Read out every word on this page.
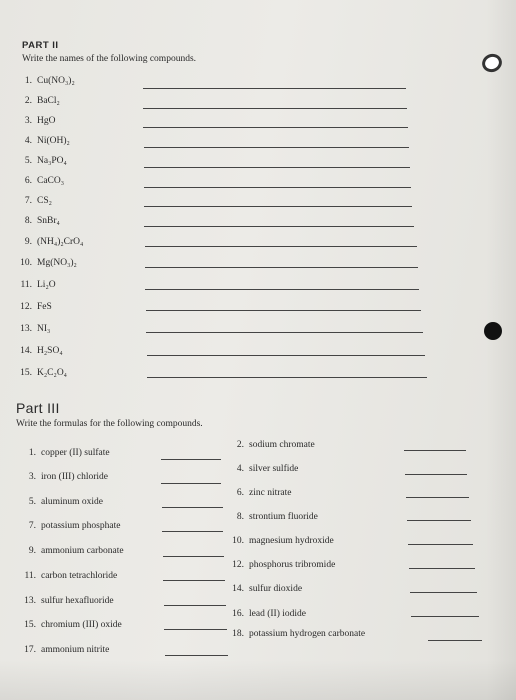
PART II
Write the names of the following compounds.
1. Cu(NO₃)₂
2. BaCl₂
3. HgO
4. Ni(OH)₂
5. Na₃PO₄
6. CaCO₃
7. CS₂
8. SnBr₄
9. (NH₄)₂CrO₄
10. Mg(NO₃)₂
11. Li₂O
12. FeS
13. NI₃
14. H₂SO₄
15. K₂C₂O₄
Part III
Write the formulas for the following compounds.
1. copper (II) sulfate
3. iron (III) chloride
5. aluminum oxide
7. potassium phosphate
9. ammonium carbonate
11. carbon tetrachloride
13. sulfur hexafluoride
15. chromium (III) oxide
17. ammonium nitrite
2. sodium chromate
4. silver sulfide
6. zinc nitrate
8. strontium fluoride
10. magnesium hydroxide
12. phosphorus tribromide
14. sulfur dioxide
16. lead (II) iodide
18. potassium hydrogen carbonate
